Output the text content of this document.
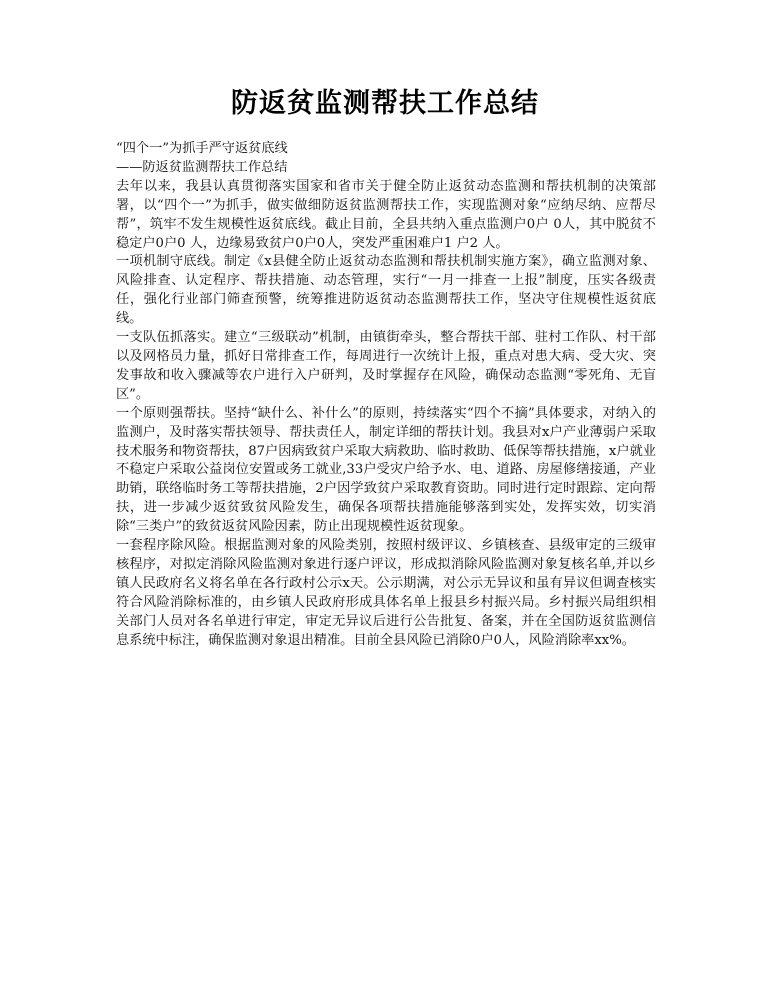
防返贫监测帮扶工作总结

“四个一”为抓手严守返贫底线

——防返贫监测帮扶工作总结

去年以来，我县认真贯彻落实国家和省市关于健全防止返贫动态监测和帮扶机制的决策部署，以“四个一”为抓手，做实做细防返贫监测帮扶工作，实现监测对象“应纳尽纳、应帮尽帮”，筑牢不发生规模性返贫底线。截止目前，全县共纳入重点监测户0户 0人，其中脱贫不稳定户0户0 人，边缘易致贫户0户0人，突发严重困难户1 户2 人。

一项机制守底线。制定《x县健全防止返贫动态监测和帮扶机制实施方案》，确立监测对象、风险排查、认定程序、帮扶措施、动态管理，实行“一月一排查一上报”制度，压实各级责任，强化行业部门筛查预警，统筹推进防返贫动态监测帮扶工作，坚决守住规模性返贫底线。

一支队伍抓落实。建立“三级联动”机制，由镇街牵头，整合帮扶干部、驻村工作队、村干部以及网格员力量，抓好日常排查工作，每周进行一次统计上报，重点对患大病、受大灾、突发事故和收入骤减等农户进行入户研判，及时掌握存在风险，确保动态监测“零死角、无盲区”。

一个原则强帮扶。坚持“缺什么、补什么”的原则，持续落实“四个不摘”具体要求，对纳入的监测户，及时落实帮扶领导、帮扶责任人，制定详细的帮扶计划。我县对x户产业薄弱户采取技术服务和物资帮扶，87户因病致贫户采取大病救助、临时救助、低保等帮扶措施，x户就业不稳定户采取公益岗位安置或务工就业,33户受灾户给予水、电、道路、房屋修缮接通，产业助销，联络临时务工等帮扶措施，2户因学致贫户采取教育资助。同时进行定时跟踪、定向帮扶，进一步减少返贫致贫风险发生，确保各项帮扶措施能够落到实处，发挥实效，切实消除“三类户”的致贫返贫风险因素，防止出现规模性返贫现象。

一套程序除风险。根据监测对象的风险类别，按照村级评议、乡镇核查、县级审定的三级审核程序，对拟定消除风险监测对象进行逐户评议，形成拟消除风险监测对象复核名单,并以乡镇人民政府名义将名单在各行政村公示x天。公示期满，对公示无异议和虽有异议但调查核实符合风险消除标准的，由乡镇人民政府形成具体名单上报县乡村振兴局。乡村振兴局组织相关部门人员对各名单进行审定，审定无异议后进行公告批复、备案，并在全国防返贫监测信息系统中标注，确保监测对象退出精准。目前全县风险已消除0户0人，风险消除率xx%。
